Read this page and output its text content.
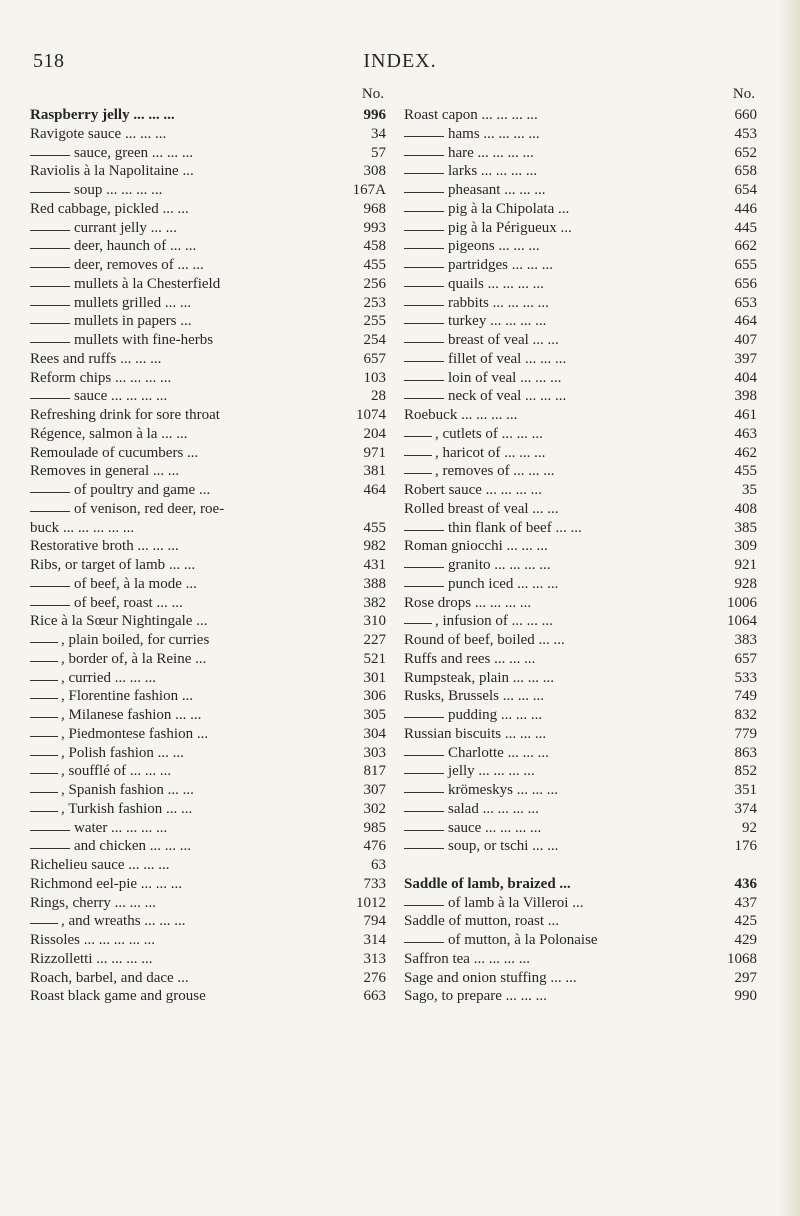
INDEX.
518
No.
Raspberry jelly ... ... ...	996
Ravigote sauce ... ... ...	34
sauce, green ... ... ...	57
Raviolis à la Napolitaine ...	308
soup ... ... ... ...	167A
Red cabbage, pickled ... ...	968
currant jelly ... ...	993
deer, haunch of ... ...	458
deer, removes of ... ...	455
mullets à la Chesterfield	256
mullets grilled ... ...	253
mullets in papers ...	255
mullets with fine-herbs	254
Rees and ruffs ... ... ...	657
Reform chips ... ... ... ...	103
sauce ... ... ... ...	28
Refreshing drink for sore throat	1074
Régence, salmon à la ... ...	204
Remoulade of cucumbers ...	971
Removes in general ... ...	381
of poultry and game ...	464
of venison, red deer, roe-
buck ... ... ... ... ...	455
Restorative broth ... ... ...	982
Ribs, or target of lamb ... ...	431
of beef, à la mode ...	388
of beef, roast ... ...	382
Rice à la Sœur Nightingale ...	310
, plain boiled, for curries	227
, border of, à la Reine ...	521
, curried ... ... ...	301
, Florentine fashion ...	306
, Milanese fashion ... ...	305
, Piedmontese fashion ...	304
, Polish fashion ... ...	303
, soufflé of ... ... ...	817
, Spanish fashion ... ...	307
, Turkish fashion ... ...	302
water ... ... ... ...	985
and chicken ... ... ...	476
Richelieu sauce ... ... ...	63
Richmond eel-pie ... ... ...	733
Rings, cherry ... ... ...	1012
, and wreaths ... ... ...	794
Rissoles ... ... ... ... ...	314
Rizzolletti ... ... ... ...	313
Roach, barbel, and dace ...	276
Roast black game and grouse	663
No.
Roast capon ... ... ... ...	660
hams ... ... ... ...	453
hare ... ... ... ...	652
larks ... ... ... ...	658
pheasant ... ... ...	654
pig à la Chipolata ...	446
pig à la Périgueux ...	445
pigeons ... ... ...	662
partridges ... ... ...	655
quails ... ... ... ...	656
rabbits ... ... ... ...	653
turkey ... ... ... ...	464
breast of veal ... ...	407
fillet of veal ... ... ...	397
loin of veal ... ... ...	404
neck of veal ... ... ...	398
Roebuck ... ... ... ...	461
, cutlets of ... ... ...	463
, haricot of ... ... ...	462
, removes of ... ... ...	455
Robert sauce ... ... ... ...	35
Rolled breast of veal ... ...	408
thin flank of beef ... ...	385
Roman gniocchi ... ... ...	309
granito ... ... ... ...	921
punch iced ... ... ...	928
Rose drops ... ... ... ...	1006
, infusion of ... ... ...	1064
Round of beef, boiled ... ...	383
Ruffs and rees ... ... ...	657
Rumpsteak, plain ... ... ...	533
Rusks, Brussels ... ... ...	749
pudding ... ... ...	832
Russian biscuits ... ... ...	779
Charlotte ... ... ...	863
jelly ... ... ... ...	852
krömeskys ... ... ...	351
salad ... ... ... ...	374
sauce ... ... ... ...	92
soup, or tschi ... ...	176
Saddle of lamb, braized ...	436
of lamb à la Villeroi ...	437
Saddle of mutton, roast ...	425
of mutton, à la Polonaise	429
Saffron tea ... ... ... ...	1068
Sage and onion stuffing ... ...	297
Sago, to prepare ... ... ...	990
